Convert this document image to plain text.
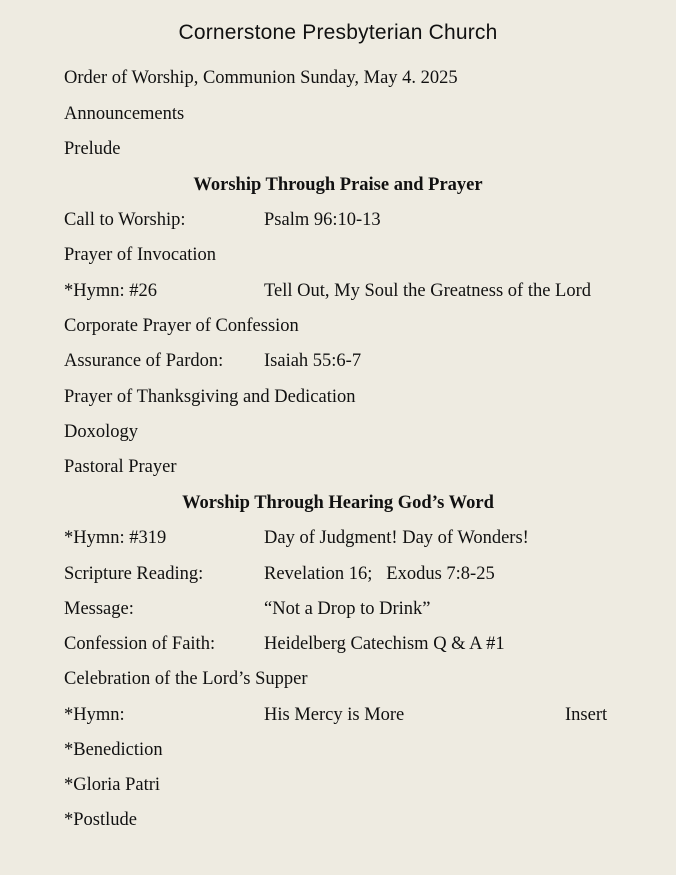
Cornerstone Presbyterian Church
Order of Worship, Communion Sunday, May 4. 2025
Announcements
Prelude
Worship Through Praise and Prayer
Call to Worship:	Psalm 96:10-13
Prayer of Invocation
*Hymn: #26	Tell Out, My Soul the Greatness of the Lord
Corporate Prayer of Confession
Assurance of Pardon: Isaiah 55:6-7
Prayer of Thanksgiving and Dedication
Doxology
Pastoral Prayer
Worship Through Hearing God’s Word
*Hymn: #319	Day of Judgment! Day of Wonders!
Scripture Reading:	Revelation 16;   Exodus 7:8-25
Message:	“Not a Drop to Drink”
Confession of Faith:	Heidelberg Catechism Q & A #1
Celebration of the Lord’s Supper
*Hymn:	His Mercy is More	Insert
*Benediction
*Gloria Patri
*Postlude
